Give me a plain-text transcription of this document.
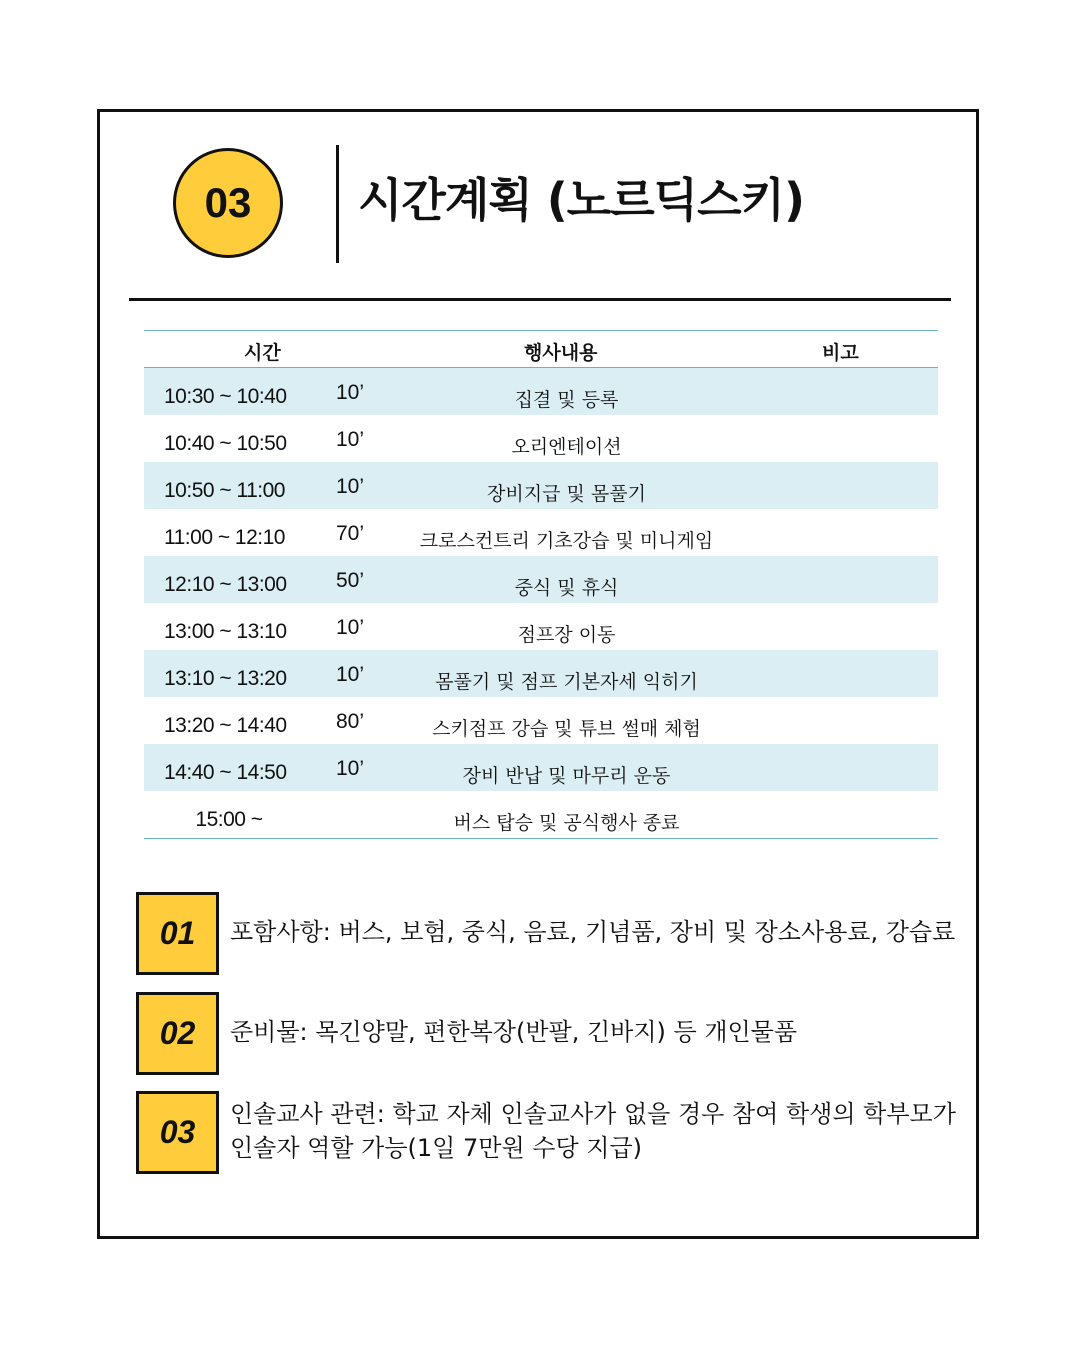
03 시간계획 (노르딕스키)
시간	행사내용	비고
10:30 ~ 10:40 10’	집결 및 등록
10:40 ~ 10:50 10’	오리엔테이션
10:50 ~ 11:00 10’	장비지급 및 몸풀기
11:00 ~ 12:10 70’	크로스컨트리 기초강습 및 미니게임
12:10 ~ 13:00 50’	중식 및 휴식
13:00 ~ 13:10 10’	점프장 이동
13:10 ~ 13:20 10’	몸풀기 및 점프 기본자세 익히기
13:20 ~ 14:40 80’	스키점프 강습 및 튜브 썰매 체험
14:40 ~ 14:50 10’	장비 반납 및 마무리 운동
15:00 ~	버스 탑승 및 공식행사 종료
01 포함사항: 버스, 보험, 중식, 음료, 기념품, 장비 및 장소사용료, 강습료
02 준비물: 목긴양말, 편한복장(반팔, 긴바지) 등 개인물품
03 인솔교사 관련: 학교 자체 인솔교사가 없을 경우 참여 학생의 학부모가
인솔자 역할 가능(1일 7만원 수당 지급)
